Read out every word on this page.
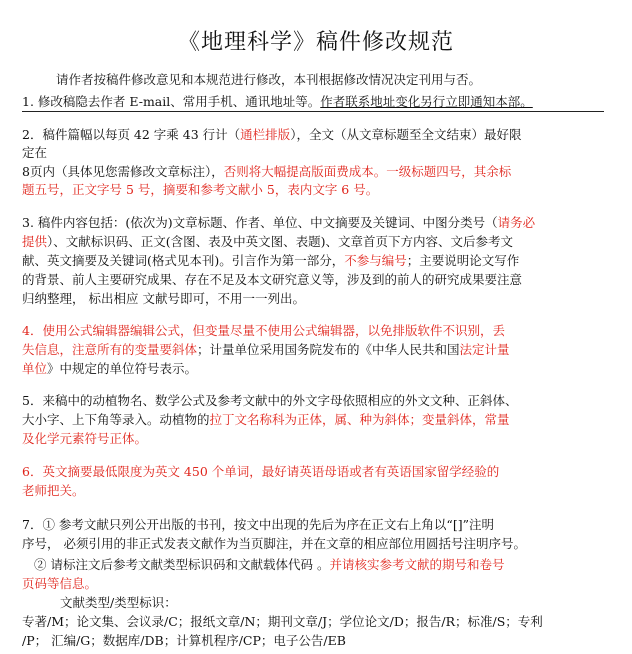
《地理科学》稿件修改规范
请作者按稿件修改意见和本规范进行修改，本刊根据修改情况决定刊用与否。
1. 修改稿隐去作者 E-mail、常用手机、通讯地址等。作者联系地址变化另行立即通知本部。
2．稿件篇幅以每页 42 字乘 43 行计（通栏排版），全文（从文章标题至全文结束）最好限
定在
8页内（具体见您需修改文章标注），否则将大幅提高版面费成本。一级标题四号，其余标
题五号，正文字号 5 号，摘要和参考文献小 5，表内文字 6 号。
3. 稿件内容包括：(依次为)文章标题、作者、单位、中文摘要及关键词、中图分类号（请务必
提供）、文献标识码、正文(含图、表及中英文图、表题)、文章首页下方内容、文后参考文
献、英文摘要及关键词(格式见本刊)。引言作为第一部分，不参与编号；主要说明论文写作
的背景、前人主要研究成果、存在不足及本文研究意义等，涉及到的前人的研究成果要注意
归纳整理， 标出相应 文献号即可，不用一一列出。
4．使用公式编辑器编辑公式，但变量尽量不使用公式编辑器，以免排版软件不识别，丢
失信息，注意所有的变量要斜体；计量单位采用国务院发布的《中华人民共和国法定计量
单位》中规定的单位符号表示。
5．来稿中的动植物名、数学公式及参考文献中的外文字母依照相应的外文文种、正斜体、
大小字、上下角等录入。动植物的拉丁文名称科为正体，属、种为斜体；变量斜体，常量
及化学元素符号正体。
6．英文摘要最低限度为英文 450 个单词，最好请英语母语或者有英语国家留学经验的
老师把关。
7．① 参考文献只列公开出版的书刊，按文中出现的先后为序在正文右上角以“[]”注明
序号， 必须引用的非正式发表文献作为当页脚注，并在文章的相应部位用圆括号注明序号。
② 请标注文后参考文献类型标识码和文献载体代码 。并请核实参考文献的期号和卷号
页码等信息。
文献类型/类型标识：
专著/M；论文集、会议录/C；报纸文章/N；期刊文章/J；学位论文/D；报告/R；标准/S；专利
/P； 汇编/G；数据库/DB；计算机程序/CP；电子公告/EB
